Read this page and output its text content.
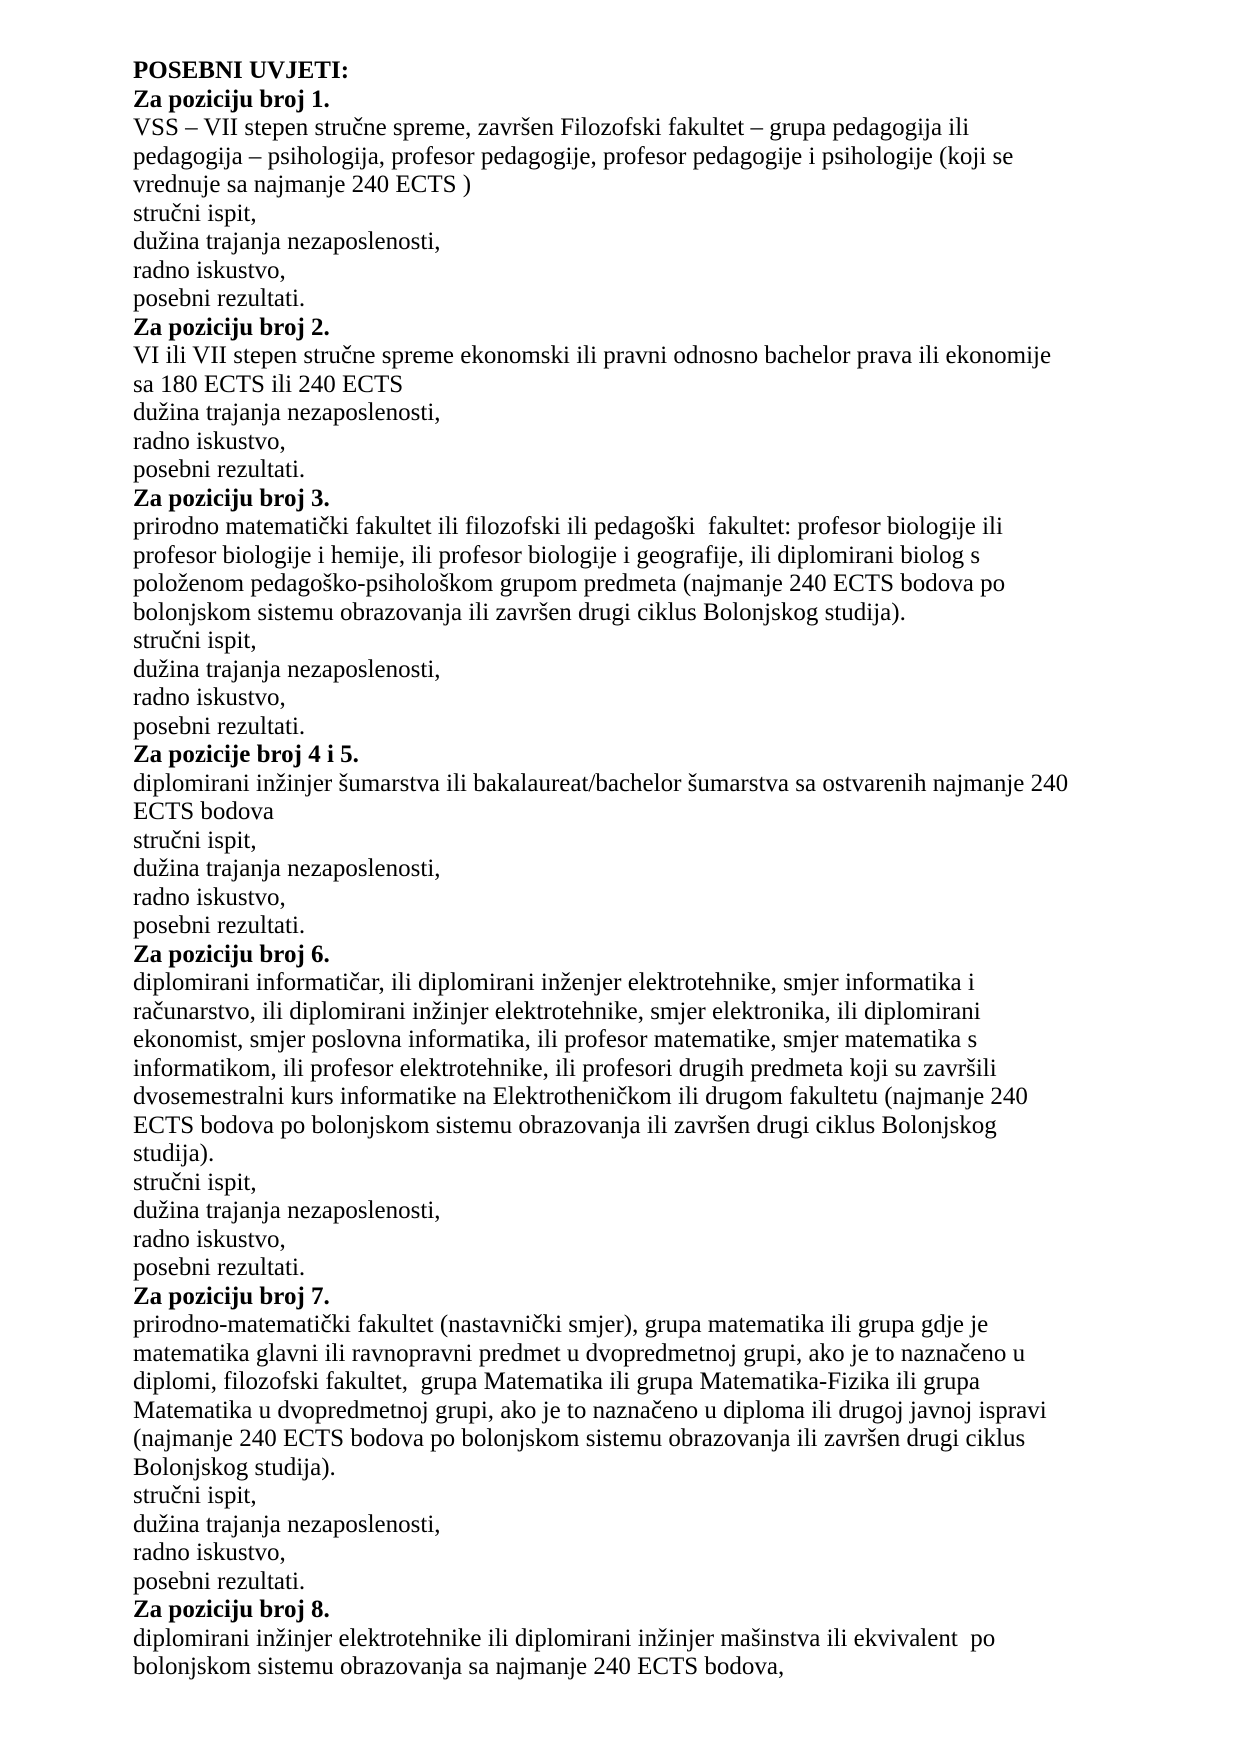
POSEBNI UVJETI:
Za poziciju broj 1.
VSS – VII stepen stručne spreme, završen Filozofski fakultet – grupa pedagogija ili
pedagogija – psihologija, profesor pedagogije, profesor pedagogije i psihologije (koji se
vrednuje sa najmanje 240 ECTS )
stručni ispit,
dužina trajanja nezaposlenosti,
radno iskustvo,
posebni rezultati.
Za poziciju broj 2.
VI ili VII stepen stručne spreme ekonomski ili pravni odnosno bachelor prava ili ekonomije
sa 180 ECTS ili 240 ECTS
dužina trajanja nezaposlenosti,
radno iskustvo,
posebni rezultati.
Za poziciju broj 3.
prirodno matematički fakultet ili filozofski ili pedagoški  fakultet: profesor biologije ili
profesor biologije i hemije, ili profesor biologije i geografije, ili diplomirani biolog s
položenom pedagoško-psihološkom grupom predmeta (najmanje 240 ECTS bodova po
bolonjskom sistemu obrazovanja ili završen drugi ciklus Bolonjskog studija).
stručni ispit,
dužina trajanja nezaposlenosti,
radno iskustvo,
posebni rezultati.
Za pozicije broj 4 i 5.
diplomirani inžinjer šumarstva ili bakalaureat/bachelor šumarstva sa ostvarenih najmanje 240
ECTS bodova
stručni ispit,
dužina trajanja nezaposlenosti,
radno iskustvo,
posebni rezultati.
Za poziciju broj 6.
diplomirani informatičar, ili diplomirani inženjer elektrotehnike, smjer informatika i
računarstvo, ili diplomirani inžinjer elektrotehnike, smjer elektronika, ili diplomirani
ekonomist, smjer poslovna informatika, ili profesor matematike, smjer matematika s
informatikom, ili profesor elektrotehnike, ili profesori drugih predmeta koji su završili
dvosemestralni kurs informatike na Elektrotheničkom ili drugom fakultetu (najmanje 240
ECTS bodova po bolonjskom sistemu obrazovanja ili završen drugi ciklus Bolonjskog
studija).
stručni ispit,
dužina trajanja nezaposlenosti,
radno iskustvo,
posebni rezultati.
Za poziciju broj 7.
prirodno-matematički fakultet (nastavnički smjer), grupa matematika ili grupa gdje je
matematika glavni ili ravnopravni predmet u dvopredmetnoj grupi, ako je to naznačeno u
diplomi, filozofski fakultet,  grupa Matematika ili grupa Matematika-Fizika ili grupa
Matematika u dvopredmetnoj grupi, ako je to naznačeno u diploma ili drugoj javnoj ispravi
(najmanje 240 ECTS bodova po bolonjskom sistemu obrazovanja ili završen drugi ciklus
Bolonjskog studija).
stručni ispit,
dužina trajanja nezaposlenosti,
radno iskustvo,
posebni rezultati.
Za poziciju broj 8.
diplomirani inžinjer elektrotehnike ili diplomirani inžinjer mašinstva ili ekvivalent  po
bolonjskom sistemu obrazovanja sa najmanje 240 ECTS bodova,
